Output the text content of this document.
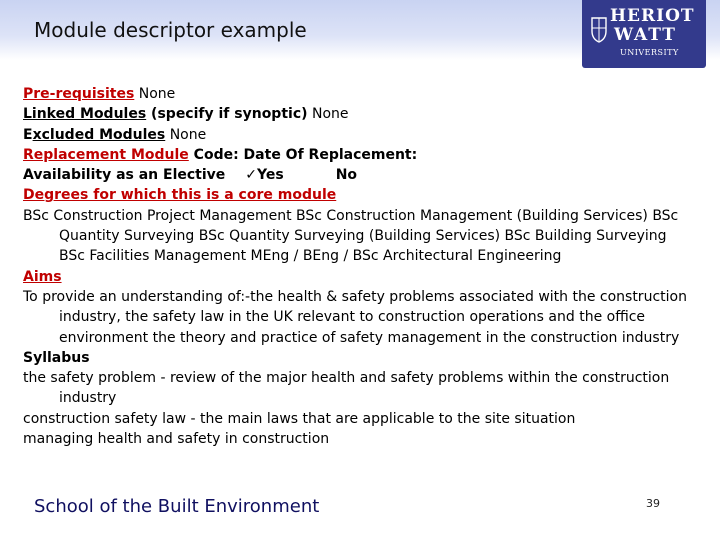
Module descriptor example
HERIOT
WATT
UNIVERSITY

Pre-requisites None

Linked Modules (specify if synoptic) None

Excluded Modules None

Replacement Module Code: Date Of Replacement:

Availability as an Elective ✓Yes	No

Degrees for which this is a core module

BSc Construction Project Management BSc Construction Management (Building Services) BSc Quantity Surveying BSc Quantity Surveying (Building Services) BSc Building Surveying BSc Facilities Management MEng / BEng / BSc Architectural Engineering

Aims

To provide an understanding of:-the health & safety problems associated with the construction industry, the safety law in the UK relevant to construction operations and the office environment the theory and practice of safety management in the construction industry

Syllabus

the safety problem - review of the major health and safety problems within the construction industry

construction safety law - the main laws that are applicable to the site situation

managing health and safety in construction

School of the Built Environment	39
